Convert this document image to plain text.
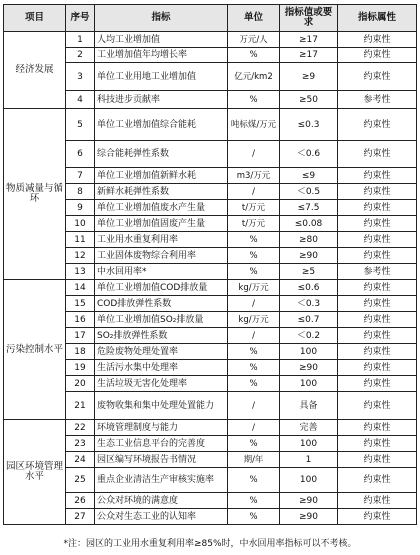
项目	序号	指标	单位	指标值或要求	指标属性
经济发展	1	人均工业增加值	万元/人	≥17	约束性
	2	工业增加值年均增长率	%	≥17	约束性
	3	单位工业用地工业增加值	亿元/km2	≥9	约束性
	4	科技进步贡献率	%	≥50	参考性
物质减量与循环	5	单位工业增加值综合能耗	吨标煤/万元	≤0.3	约束性
	6	综合能耗弹性系数	/	＜0.6	约束性
	7	单位工业增加值新鲜水耗	m3/万元	≤9	约束性
	8	新鲜水耗弹性系数	/	＜0.5	约束性
	9	单位工业增加值废水产生量	t/万元	≤7.5	约束性
	10	单位工业增加值固废产生量	t/万元	≤0.08	约束性
	11	工业用水重复利用率	%	≥80	约束性
	12	工业固体废物综合利用率	%	≥90	约束性
	13	中水回用率*	%	≥5	参考性
污染控制水平	14	单位工业增加值COD排放量	kg/万元	≤0.6	约束性
	15	COD排放弹性系数	/	＜0.3	约束性
	16	单位工业增加值SO₂排放量	kg/万元	≤0.7	约束性
	17	SO₂排放弹性系数	/	＜0.2	约束性
	18	危险废物处理处置率	%	100	约束性
	19	生活污水集中处理率	%	≥90	约束性
	20	生活垃圾无害化处理率	%	100	约束性
	21	废物收集和集中处理处置能力	/	具备	约束性
园区环境管理水平	22	环境管理制度与能力	/	完善	约束性
	23	生态工业信息平台的完善度	%	100	约束性
	24	园区编写环境报告书情况	期/年	1	约束性
	25	重点企业清洁生产审核实施率	%	100	约束性
	26	公众对环境的满意度	%	≥90	约束性
	27	公众对生态工业的认知率	%	≥90	约束性
*注：园区的工业用水重复利用率≥85%时，中水回用率指标可以不考核。
